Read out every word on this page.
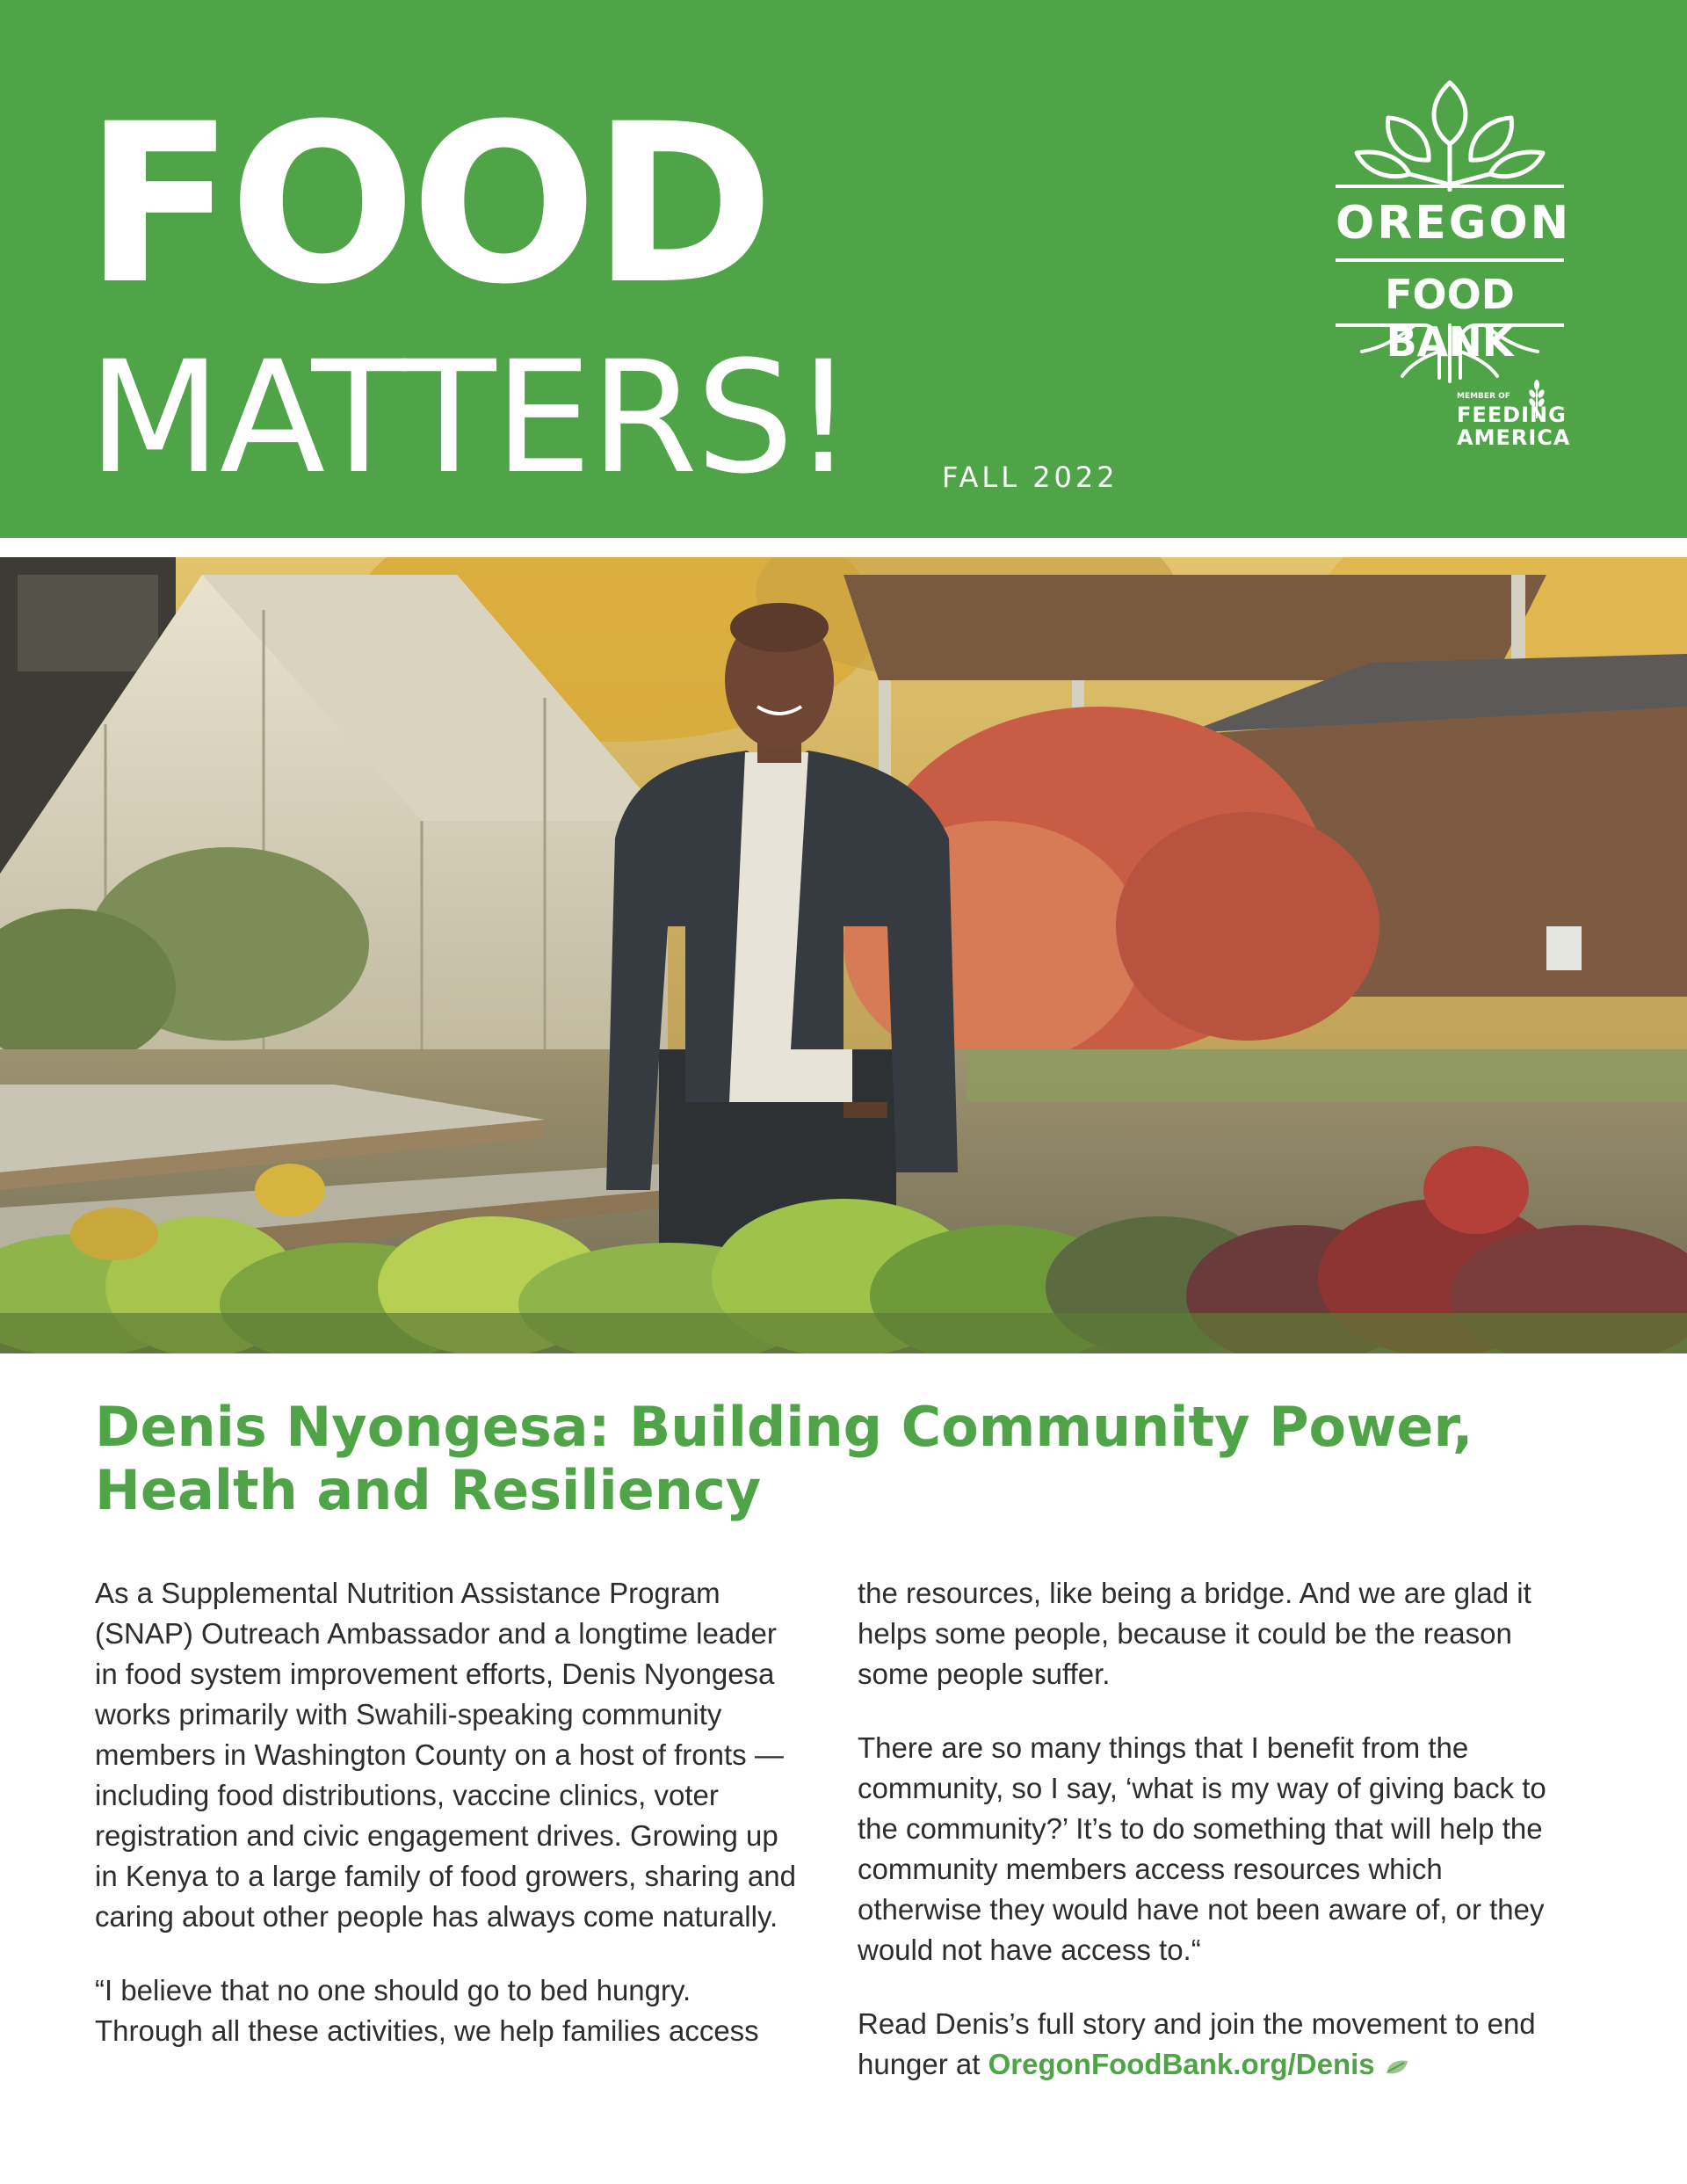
FOOD
MATTERS!	FALL 2022
OREGON
FOOD BANK
MEMBER OF
FEEDING
AMERICA
Denis Nyongesa: Building Community Power, Health and Resiliency

As a Supplemental Nutrition Assistance Program (SNAP) Outreach Ambassador and a longtime leader in food system improvement efforts, Denis Nyongesa works primarily with Swahili-speaking community members in Washington County on a host of fronts — including food distributions, vaccine clinics, voter registration and civic engagement drives. Growing up in Kenya to a large family of food growers, sharing and caring about other people has always come naturally.

“I believe that no one should go to bed hungry. Through all these activities, we help families access

the resources, like being a bridge. And we are glad it helps some people, because it could be the reason some people suffer.

There are so many things that I benefit from the community, so I say, ‘what is my way of giving back to the community?’ It’s to do something that will help the community members access resources which otherwise they would have not been aware of, or they would not have access to.“

Read Denis’s full story and join the movement to end hunger at OregonFoodBank.org/Denis
